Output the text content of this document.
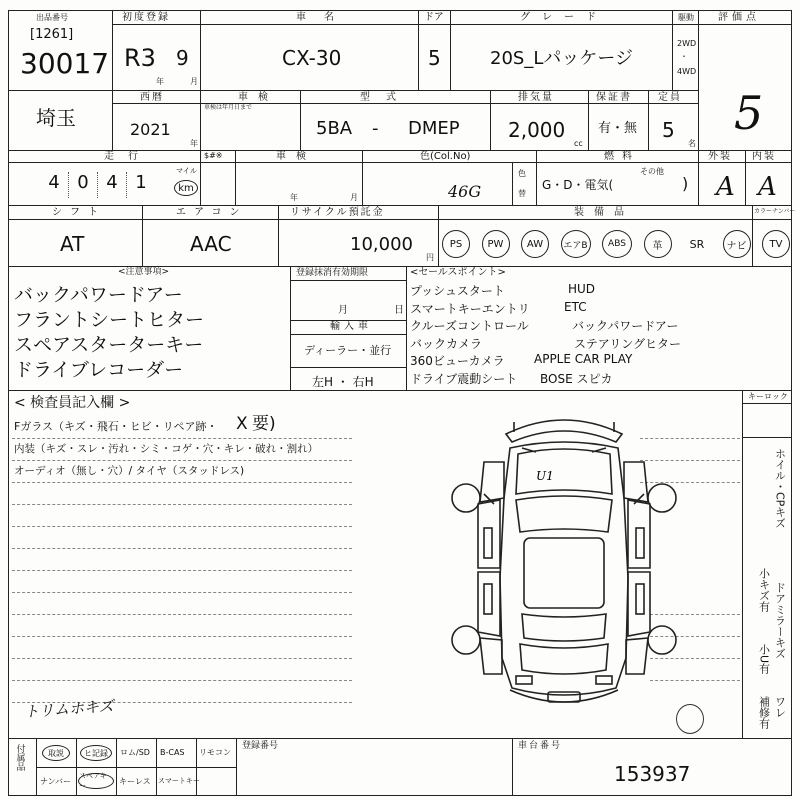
出品番号
[1261]
30017
初度登録
R3 9
年	月
車名
CX-30
ドア
5
グレード
20S_Lパッケージ
駆動
2WD
・
4WD
評価点
5
埼玉
西暦
2021
年
車検
車検は年月日まで
型式
5BA - DMEP
排気量
2,000
cc
保証書
有・無
定員
5
名
走行
4 0 4 1
マイル
km
$#※	車検
年	月
色(Col.No)
46G
色
替
燃料
G・D・電気(
その他
)
外装
A
内装
A
シフト
AT
エアコン
AAC
リサイクル預託金
10,000
円
装備品	カラーナンバー
PS	PW	AW	エアB	ABS	革	SR	ナビ	TV
<注意事項>
バックパワードアー
フラントシートヒター
スペアスターターキー
ドライブレコーダー
登録抹消有効期限
月	日
輸入車
ディーラー・並行
左H ・ 右H
<セールスポイント>
プッシュスタート	HUD
スマートキーエントリ	ETC
クルーズコントロール	バックパワードアー
バックカメラ	ステアリングヒター
360ビューカメラ APPLE CAR PLAY
ドライブ震動シート BOSE スピカ
キーロック
< 検査員記入欄 >
Fガラス（キズ・飛石・ヒビ・リペア跡・ X 要)
内装（キズ・スレ・汚れ・シミ・コゲ・穴・キレ・破れ・割れ）
オーディオ（無し・穴）/ タイヤ（スタッドレス)
トリムホキズ
U1	ホイル・CPキズ
小キズ有 ドアミラーキズ
ワレ
小U有
補修有
付属品	取説	ヒ記録	ロム/SD B-CAS リモコン
ナンバー
スペアキー	キーレス スマートキー
登録番号	車台番号
153937
